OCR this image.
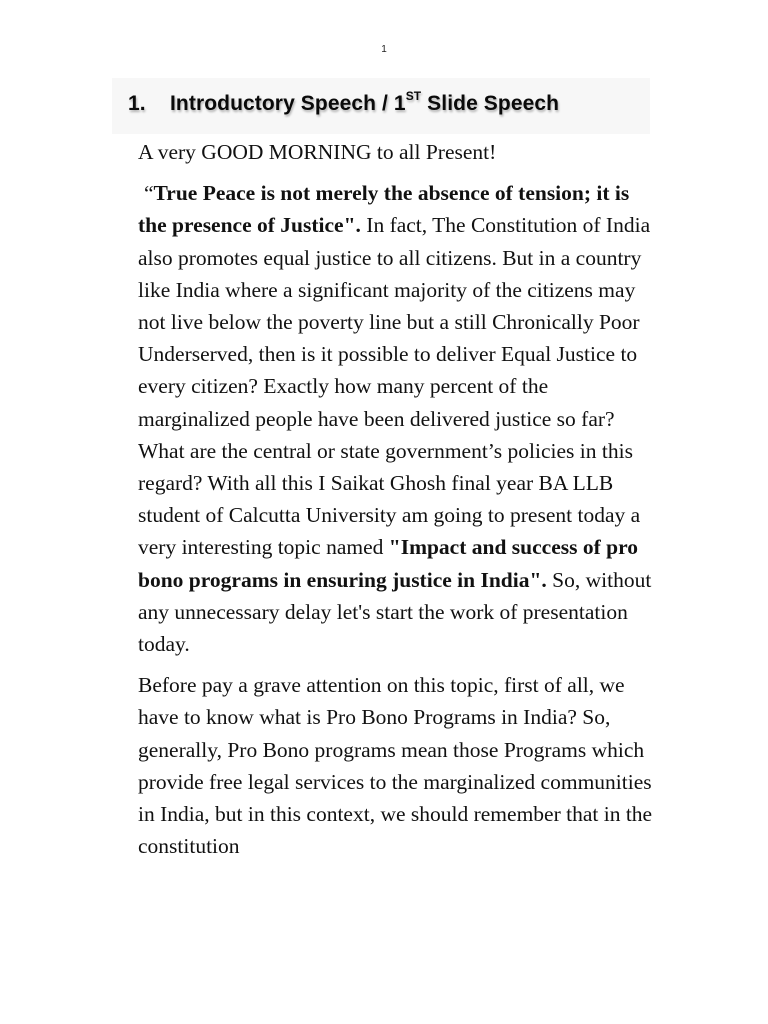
1
1. Introductory Speech / 1ST Slide Speech

A very GOOD MORNING to all Present!

“True Peace is not merely the absence of tension; it is the presence of Justice". In fact, The Constitution of India also promotes equal justice to all citizens. But in a country like India where a significant majority of the citizens may not live below the poverty line but a still Chronically Poor Underserved, then is it possible to deliver Equal Justice to every citizen? Exactly how many percent of the marginalized people have been delivered justice so far? What are the central or state government’s policies in this regard? With all this I Saikat Ghosh final year BA LLB student of Calcutta University am going to present today a very interesting topic named "Impact and success of pro bono programs in ensuring justice in India". So, without any unnecessary delay let's start the work of presentation today.

Before pay a grave attention on this topic, first of all, we have to know what is Pro Bono Programs in India? So, generally, Pro Bono programs mean those Programs which provide free legal services to the marginalized communities in India, but in this context, we should remember that in the constitution
